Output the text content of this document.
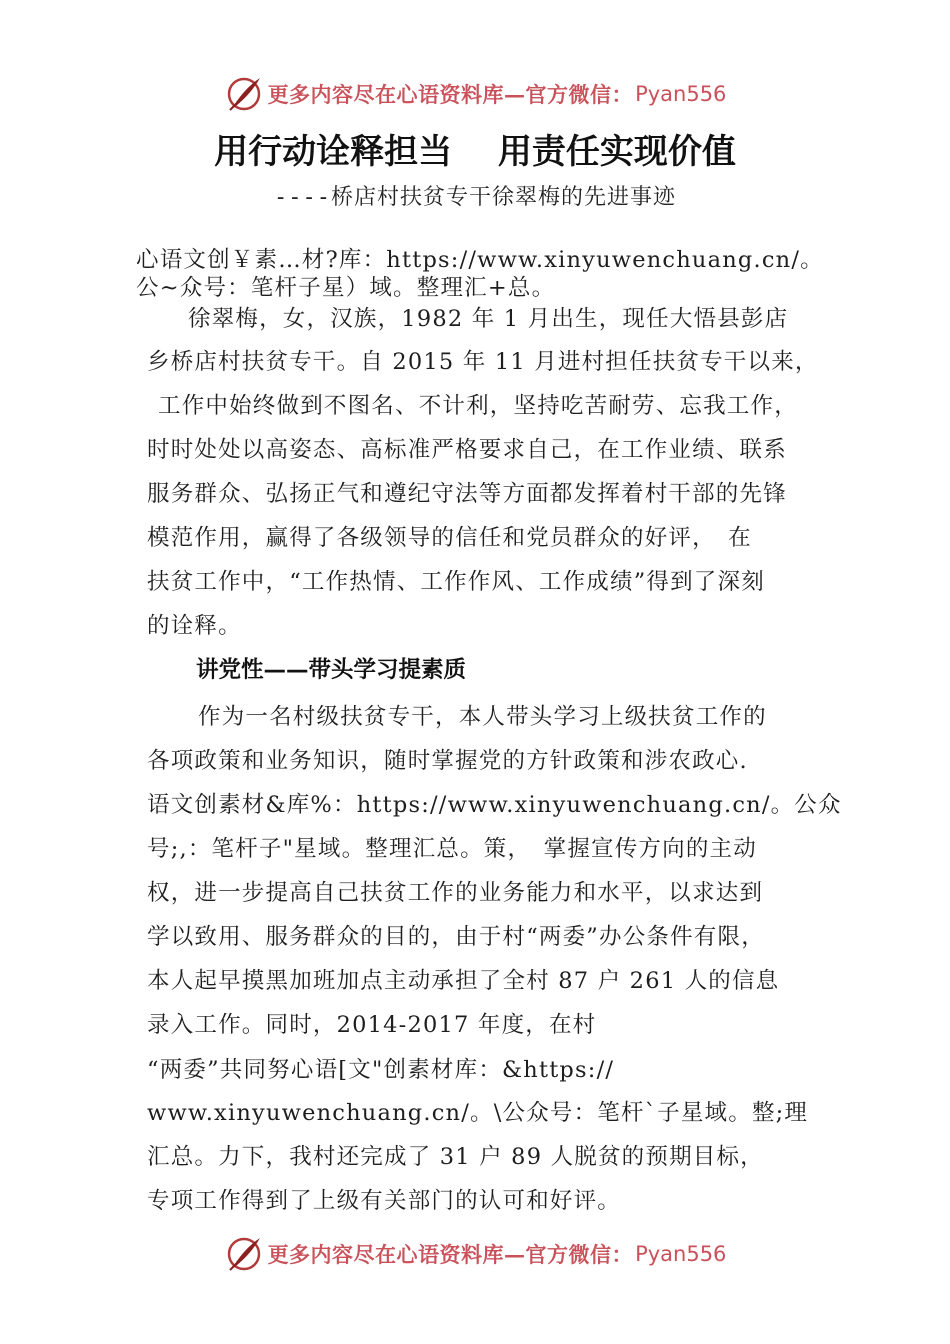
更多内容尽在心语资料库—官方微信： Pyan556
用行动诠释担当　 用责任实现价值
----桥店村扶贫专干徐翠梅的先进事迹
心语文创￥素…材?库：https://www.xinyuwenchuang.cn/。
公~众号：笔杆子星）域。整理汇+总。
徐翠梅，女，汉族，1982 年 1 月出生，现任大悟县彭店
乡桥店村扶贫专干。自 2015 年 11 月进村担任扶贫专干以来，
工作中始终做到不图名、不计利，坚持吃苦耐劳、忘我工作，
时时处处以高姿态、高标准严格要求自己，在工作业绩、联系
服务群众、弘扬正气和遵纪守法等方面都发挥着村干部的先锋
模范作用，赢得了各级领导的信任和党员群众的好评，　在
扶贫工作中，“工作热情、工作作风、工作成绩”得到了深刻
的诠释。
讲党性——带头学习提素质
作为一名村级扶贫专干，本人带头学习上级扶贫工作的
各项政策和业务知识，随时掌握党的方针政策和涉农政心.
语文创素材&库%：https://www.xinyuwenchuang.cn/。公众
号;,：笔杆子"星域。整理汇总。策，　掌握宣传方向的主动
权，进一步提高自己扶贫工作的业务能力和水平，以求达到
学以致用、服务群众的目的，由于村“两委”办公条件有限，
本人起早摸黑加班加点主动承担了全村 87 户 261 人的信息
录入工作。同时，2014-2017 年度，在村
“两委”共同努心语[文"创素材库：&https://
www.xinyuwenchuang.cn/。\公众号：笔杆`子星域。整;理
汇总。力下，我村还完成了 31 户 89 人脱贫的预期目标，
专项工作得到了上级有关部门的认可和好评。
更多内容尽在心语资料库—官方微信： Pyan556
